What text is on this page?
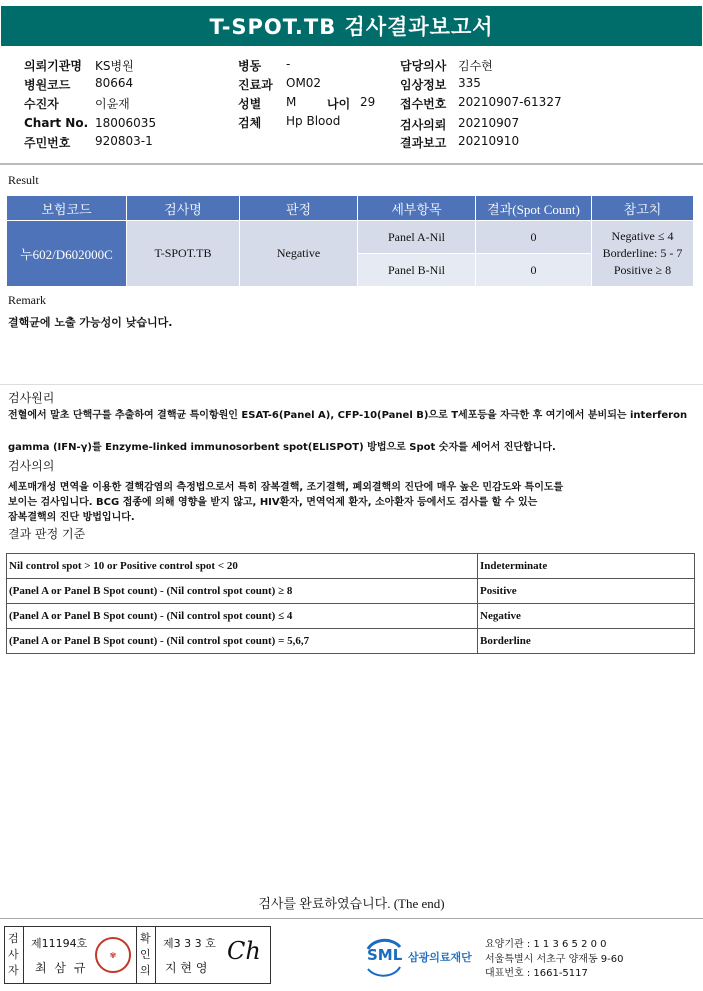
T-SPOT.TB 검사결과보고서
의뢰기관명 KS병원
병원코드 80664
수진자	이윤재
Chart No. 18006035
주민번호 920803-1
병동 -
진료과 OM02
성별 M	나이 29
검체 Hp Blood
담당의사 김수현
임상정보 335
접수번호 20210907-61327
검사의뢰 20210907
결과보고 20210910
Result
보험코드	검사명	판정	세부항목	결과(Spot Count)	참고치
누602/D602000C	T-SPOT.TB	Negative	Panel A-Nil	0	Negative ≤ 4
Borderline: 5 - 7
Positive ≥ 8

			Panel B-Nil	0	
Remark
결핵균에 노출 가능성이 낮습니다.
검사원리
전혈에서 말초 단핵구를 추출하여 결핵균 특이항원인 ESAT-6(Panel A), CFP-10(Panel B)으로 T세포등을 자극한 후 여기에서 분비되는 interferon
gamma (IFN-γ)를 Enzyme-linked immunosorbent spot(ELISPOT) 방법으로 Spot 숫자를 세어서 진단합니다.
검사의의
세포매개성 면역을 이용한 결핵감염의 측정법으로서 특히 잠복결핵, 조기결핵, 폐외결핵의 진단에 매우 높은 민감도와 특이도를
보이는 검사입니다. BCG 접종에 의해 영향을 받지 않고, HIV환자, 면역억제 환자, 소아환자 등에서도 검사를 할 수 있는
잠복결핵의 진단 방법입니다.
결과 판정 기준
Nil control spot > 10 or Positive control spot < 20	Indeterminate
(Panel A or Panel B Spot count) - (Nil control spot count) ≥ 8	Positive
(Panel A or Panel B Spot count) - (Nil control spot count) ≤ 4	Negative
(Panel A or Panel B Spot count) - (Nil control spot count) = 5,6,7	Borderline
검사를 완료하였습니다. (The end)
검사자
제11194호
최 삼 규
✾
확인의
제3 3 3 호
지 현 영
Ch	SML 삼광의료재단
요양기관 : 1 1 3 6 5 2 0 0
서울특별시 서초구 양재동 9-60
대표번호 : 1661-5117
